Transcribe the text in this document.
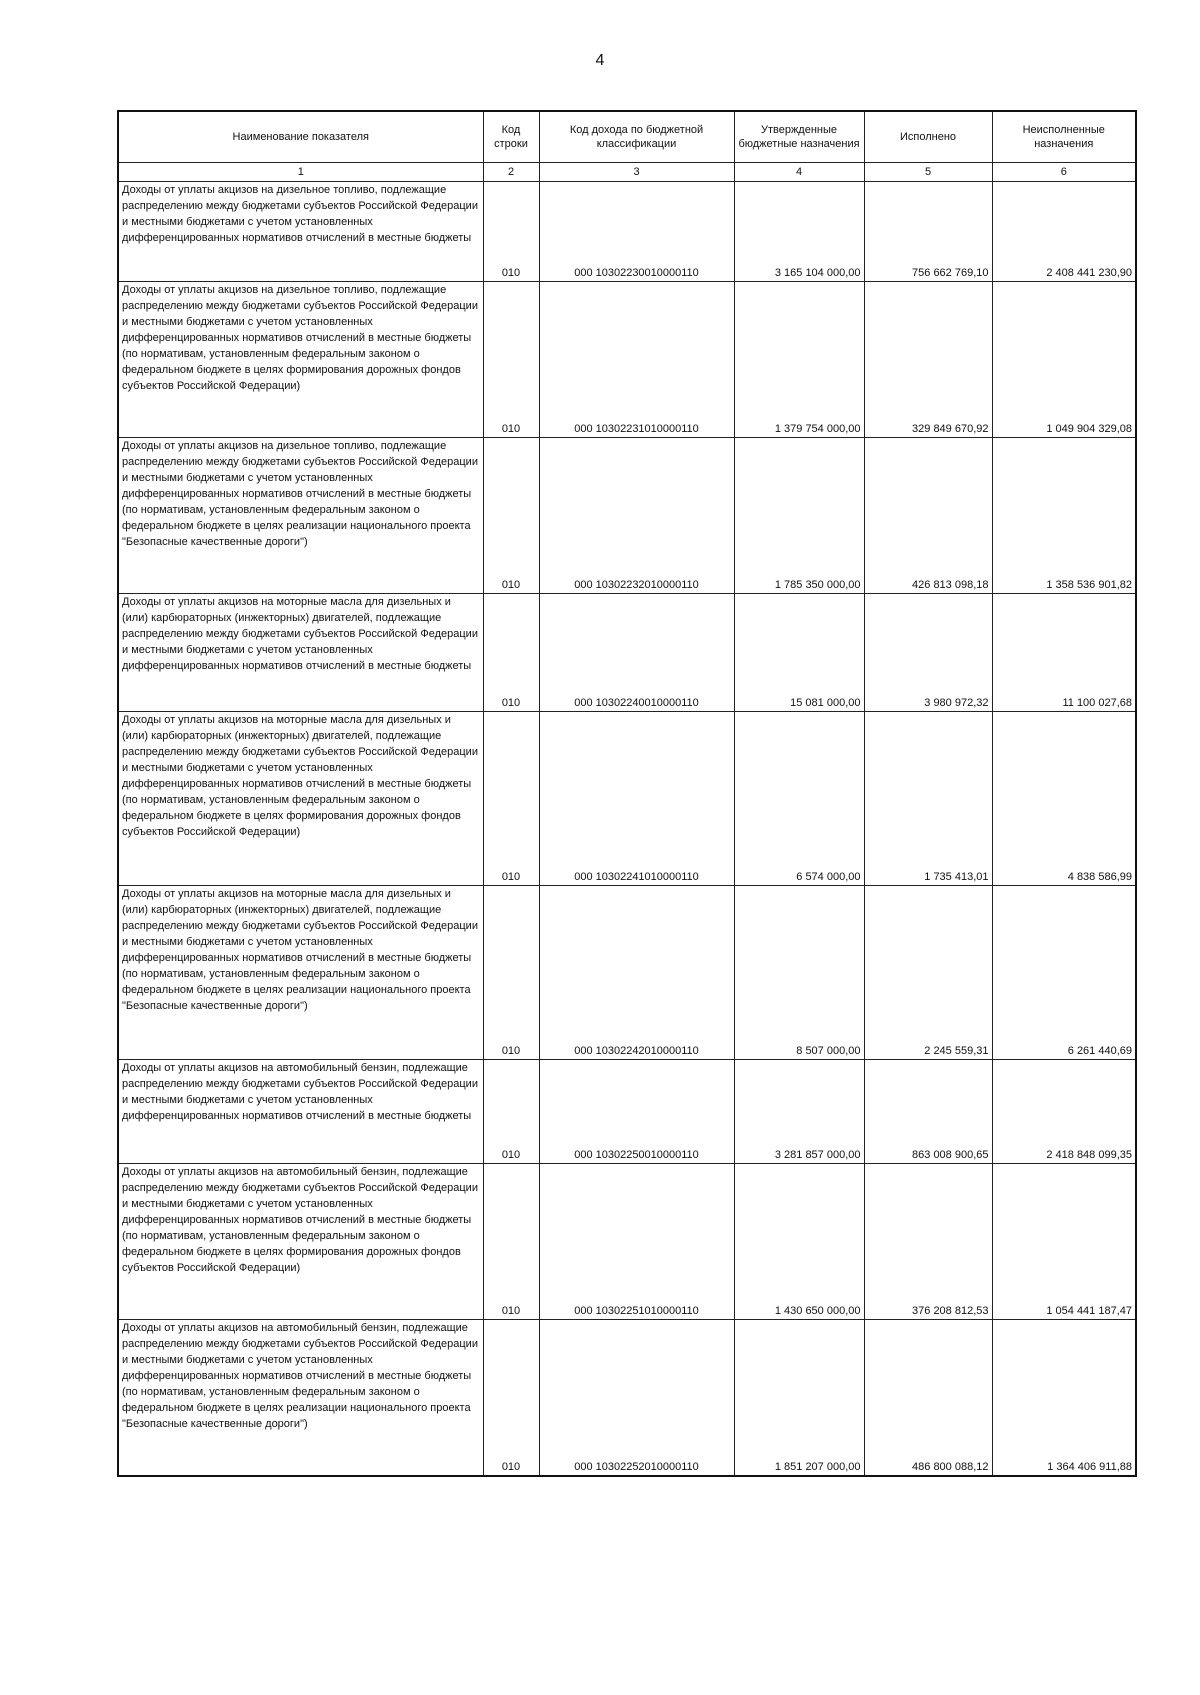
4
Наименование показателя	Код строки	Код дохода по бюджетной классификации	Утвержденные бюджетные назначения	Исполнено	Неисполненные назначения
1	2	3	4	5	6
Доходы от уплаты акцизов на дизельное топливо, подлежащие распределению между бюджетами субъектов Российской Федерации и местными бюджетами с учетом установленных дифференцированных нормативов отчислений в местные бюджеты	010	000 10302230010000110	3 165 104 000,00	756 662 769,10	2 408 441 230,90
Доходы от уплаты акцизов на дизельное топливо, подлежащие распределению между бюджетами субъектов Российской Федерации и местными бюджетами с учетом установленных дифференцированных нормативов отчислений в местные бюджеты (по нормативам, установленным федеральным законом о федеральном бюджете в целях формирования дорожных фондов субъектов Российской Федерации)	010	000 10302231010000110	1 379 754 000,00	329 849 670,92	1 049 904 329,08
Доходы от уплаты акцизов на дизельное топливо, подлежащие распределению между бюджетами субъектов Российской Федерации и местными бюджетами с учетом установленных дифференцированных нормативов отчислений в местные бюджеты (по нормативам, установленным федеральным законом о федеральном бюджете в целях реализации национального проекта "Безопасные качественные дороги")	010	000 10302232010000110	1 785 350 000,00	426 813 098,18	1 358 536 901,82
Доходы от уплаты акцизов на моторные масла для дизельных и (или) карбюраторных (инжекторных) двигателей, подлежащие распределению между бюджетами субъектов Российской Федерации и местными бюджетами с учетом установленных дифференцированных нормативов отчислений в местные бюджеты	010	000 10302240010000110	15 081 000,00	3 980 972,32	11 100 027,68
Доходы от уплаты акцизов на моторные масла для дизельных и (или) карбюраторных (инжекторных) двигателей, подлежащие распределению между бюджетами субъектов Российской Федерации и местными бюджетами с учетом установленных дифференцированных нормативов отчислений в местные бюджеты (по нормативам, установленным федеральным законом о федеральном бюджете в целях формирования дорожных фондов субъектов Российской Федерации)	010	000 10302241010000110	6 574 000,00	1 735 413,01	4 838 586,99
Доходы от уплаты акцизов на моторные масла для дизельных и (или) карбюраторных (инжекторных) двигателей, подлежащие распределению между бюджетами субъектов Российской Федерации и местными бюджетами с учетом установленных дифференцированных нормативов отчислений в местные бюджеты (по нормативам, установленным федеральным законом о федеральном бюджете в целях реализации национального проекта "Безопасные качественные дороги")	010	000 10302242010000110	8 507 000,00	2 245 559,31	6 261 440,69
Доходы от уплаты акцизов на автомобильный бензин, подлежащие распределению между бюджетами субъектов Российской Федерации и местными бюджетами с учетом установленных дифференцированных нормативов отчислений в местные бюджеты	010	000 10302250010000110	3 281 857 000,00	863 008 900,65	2 418 848 099,35
Доходы от уплаты акцизов на автомобильный бензин, подлежащие распределению между бюджетами субъектов Российской Федерации и местными бюджетами с учетом установленных дифференцированных нормативов отчислений в местные бюджеты (по нормативам, установленным федеральным законом о федеральном бюджете в целях формирования дорожных фондов субъектов Российской Федерации)	010	000 10302251010000110	1 430 650 000,00	376 208 812,53	1 054 441 187,47
Доходы от уплаты акцизов на автомобильный бензин, подлежащие распределению между бюджетами субъектов Российской Федерации и местными бюджетами с учетом установленных дифференцированных нормативов отчислений в местные бюджеты (по нормативам, установленным федеральным законом о федеральном бюджете в целях реализации национального проекта "Безопасные качественные дороги")	010	000 10302252010000110	1 851 207 000,00	486 800 088,12	1 364 406 911,88
